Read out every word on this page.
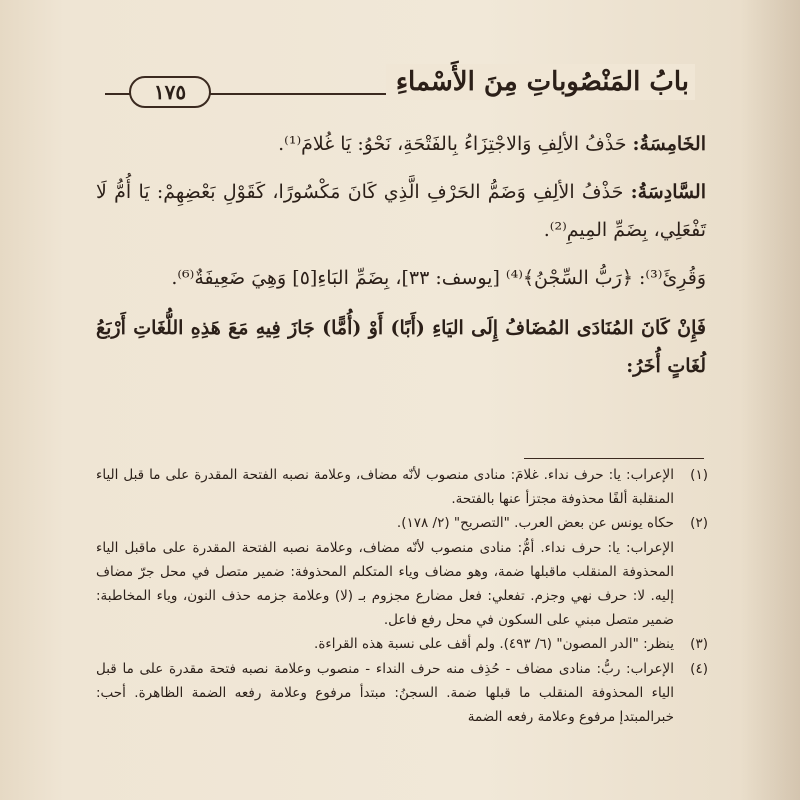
بابُ المَنْصُوباتِ مِنَ الأَسْماءِ
١٧٥

الخَامِسَةُ: حَذْفُ الألِفِ وَالاجْتِزَاءُ بِالفَتْحَةِ، نَحْوُ: يَا غُلامَ⁽¹⁾.

السَّادِسَةُ: حَذْفُ الألِفِ وَضَمُّ الحَرْفِ الَّذِي كَانَ مَكْسُورًا، كَقَوْلِ بَعْضِهِمْ: يَا أُمُّ لَا تَفْعَلِي، بِضَمِّ المِيمِ⁽²⁾.

وَقُرِئَ⁽³⁾: ﴿رَبُّ السِّجْنُ﴾⁽⁴⁾ [يوسف: ٣٣]، بِضَمِّ البَاءِ[٥] وَهِيَ ضَعِيفَةٌ⁽⁶⁾.

فَإِنْ كَانَ المُنَادَى المُضَافُ إِلَى اليَاءِ (أَبًا) أَوْ (أُمًّا) جَازَ فِيهِ مَعَ هَذِهِ اللُّغَاتِ أَرْبَعُ لُغَاتٍ أُخَرُ:

(١)

الإعراب: يا: حرف نداء. غلامَ: منادى منصوب لأنّه مضاف، وعلامة نصبه الفتحة المقدرة على ما قبل الياء المنقلبة ألفًا محذوفة مجتزأ عنها بالفتحة.

(٢)

حكاه يونس عن بعض العرب. "التصريح" (٢/ ١٧٨).

الإعراب: يا: حرف نداء. أمُّ: منادى منصوب لأنّه مضاف، وعلامة نصبه الفتحة المقدرة على ماقبل الياء المحذوفة المنقلب ماقبلها ضمة، وهو مضاف وياء المتكلم المحذوفة: ضمير متصل في محل جرّ مضاف إليه. لا: حرف نهي وجزم. تفعلي: فعل مضارع مجزوم بـ (لا) وعلامة جزمه حذف النون، وياء المخاطبة: ضمير متصل مبني على السكون في محل رفع فاعل.

(٣)

ينظر: "الدر المصون" (٦/ ٤٩٣). ولم أقف على نسبة هذه القراءة.

(٤)

الإعراب: ربُّ: منادى مضاف - حُذِف منه حرف النداء - منصوب وعلامة نصبه فتحة مقدرة على ما قبل الياء المحذوفة المنقلب ما قبلها ضمة. السجنُ: مبتدأ مرفوع وعلامة رفعه الضمة الظاهرة. أحب: خبرالمبتدإ مرفوع وعلامة رفعه الضمة
